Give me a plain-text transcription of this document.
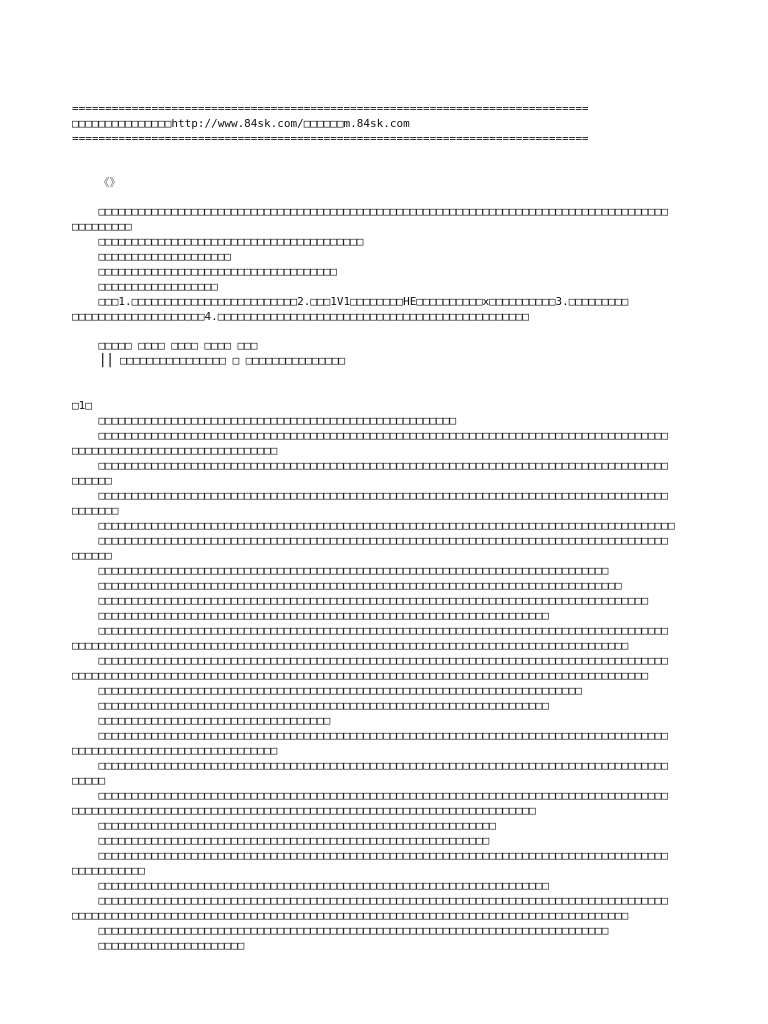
==============================================================================
□□□□□□□□□□□□□□□http://www.84sk.com/□□□□□□m.84sk.com
==============================================================================
《》
□□□□□□□□□□□□□□□□□□□□□□□□□□□□□□□□□□□□□□□□□□□□□□□□□□□□□□□□□□□□□□□□□□□□□□□□□□□□□□□□□□□□□□
□□□□□□□□□
□□□□□□□□□□□□□□□□□□□□□□□□□□□□□□□□□□□□□□□□
□□□□□□□□□□□□□□□□□□□□
□□□□□□□□□□□□□□□□□□□□□□□□□□□□□□□□□□□□
□□□□□□□□□□□□□□□□□□
□□□1.□□□□□□□□□□□□□□□□□□□□□□□□□2.□□□1V1□□□□□□□□HE□□□□□□□□□□x□□□□□□□□□□3.□□□□□□□□□
□□□□□□□□□□□□□□□□□□□□4.□□□□□□□□□□□□□□□□□□□□□□□□□□□□□□□□□□□□□□□□□□□□□□□
□□□□□ □□□□ □□□□ □□□□ □□□
|| □□□□□□□□□□□□□□□□ □ □□□□□□□□□□□□□□□
□1□
□□□□□□□□□□□□□□□□□□□□□□□□□□□□□□□□□□□□□□□□□□□□□□□□□□□□□□
□□□□□□□□□□□□□□□□□□□□□□□□□□□□□□□□□□□□□□□□□□□□□□□□□□□□□□□□□□□□□□□□□□□□□□□□□□□□□□□□□□□□□□
□□□□□□□□□□□□□□□□□□□□□□□□□□□□□□□
□□□□□□□□□□□□□□□□□□□□□□□□□□□□□□□□□□□□□□□□□□□□□□□□□□□□□□□□□□□□□□□□□□□□□□□□□□□□□□□□□□□□□□
□□□□□□
□□□□□□□□□□□□□□□□□□□□□□□□□□□□□□□□□□□□□□□□□□□□□□□□□□□□□□□□□□□□□□□□□□□□□□□□□□□□□□□□□□□□□□
□□□□□□□
□□□□□□□□□□□□□□□□□□□□□□□□□□□□□□□□□□□□□□□□□□□□□□□□□□□□□□□□□□□□□□□□□□□□□□□□□□□□□□□□□□□□□□□
□□□□□□□□□□□□□□□□□□□□□□□□□□□□□□□□□□□□□□□□□□□□□□□□□□□□□□□□□□□□□□□□□□□□□□□□□□□□□□□□□□□□□□
□□□□□□
□□□□□□□□□□□□□□□□□□□□□□□□□□□□□□□□□□□□□□□□□□□□□□□□□□□□□□□□□□□□□□□□□□□□□□□□□□□□□
□□□□□□□□□□□□□□□□□□□□□□□□□□□□□□□□□□□□□□□□□□□□□□□□□□□□□□□□□□□□□□□□□□□□□□□□□□□□□□□
□□□□□□□□□□□□□□□□□□□□□□□□□□□□□□□□□□□□□□□□□□□□□□□□□□□□□□□□□□□□□□□□□□□□□□□□□□□□□□□□□□□
□□□□□□□□□□□□□□□□□□□□□□□□□□□□□□□□□□□□□□□□□□□□□□□□□□□□□□□□□□□□□□□□□□□□
□□□□□□□□□□□□□□□□□□□□□□□□□□□□□□□□□□□□□□□□□□□□□□□□□□□□□□□□□□□□□□□□□□□□□□□□□□□□□□□□□□□□□□
□□□□□□□□□□□□□□□□□□□□□□□□□□□□□□□□□□□□□□□□□□□□□□□□□□□□□□□□□□□□□□□□□□□□□□□□□□□□□□□□□□□□
□□□□□□□□□□□□□□□□□□□□□□□□□□□□□□□□□□□□□□□□□□□□□□□□□□□□□□□□□□□□□□□□□□□□□□□□□□□□□□□□□□□□□□
□□□□□□□□□□□□□□□□□□□□□□□□□□□□□□□□□□□□□□□□□□□□□□□□□□□□□□□□□□□□□□□□□□□□□□□□□□□□□□□□□□□□□□□
□□□□□□□□□□□□□□□□□□□□□□□□□□□□□□□□□□□□□□□□□□□□□□□□□□□□□□□□□□□□□□□□□□□□□□□□□
□□□□□□□□□□□□□□□□□□□□□□□□□□□□□□□□□□□□□□□□□□□□□□□□□□□□□□□□□□□□□□□□□□□□
□□□□□□□□□□□□□□□□□□□□□□□□□□□□□□□□□□□
□□□□□□□□□□□□□□□□□□□□□□□□□□□□□□□□□□□□□□□□□□□□□□□□□□□□□□□□□□□□□□□□□□□□□□□□□□□□□□□□□□□□□□
□□□□□□□□□□□□□□□□□□□□□□□□□□□□□□□
□□□□□□□□□□□□□□□□□□□□□□□□□□□□□□□□□□□□□□□□□□□□□□□□□□□□□□□□□□□□□□□□□□□□□□□□□□□□□□□□□□□□□□
□□□□□
□□□□□□□□□□□□□□□□□□□□□□□□□□□□□□□□□□□□□□□□□□□□□□□□□□□□□□□□□□□□□□□□□□□□□□□□□□□□□□□□□□□□□□
□□□□□□□□□□□□□□□□□□□□□□□□□□□□□□□□□□□□□□□□□□□□□□□□□□□□□□□□□□□□□□□□□□□□□□
□□□□□□□□□□□□□□□□□□□□□□□□□□□□□□□□□□□□□□□□□□□□□□□□□□□□□□□□□□□□
□□□□□□□□□□□□□□□□□□□□□□□□□□□□□□□□□□□□□□□□□□□□□□□□□□□□□□□□□□□
□□□□□□□□□□□□□□□□□□□□□□□□□□□□□□□□□□□□□□□□□□□□□□□□□□□□□□□□□□□□□□□□□□□□□□□□□□□□□□□□□□□□□□
□□□□□□□□□□□
□□□□□□□□□□□□□□□□□□□□□□□□□□□□□□□□□□□□□□□□□□□□□□□□□□□□□□□□□□□□□□□□□□□□
□□□□□□□□□□□□□□□□□□□□□□□□□□□□□□□□□□□□□□□□□□□□□□□□□□□□□□□□□□□□□□□□□□□□□□□□□□□□□□□□□□□□□□
□□□□□□□□□□□□□□□□□□□□□□□□□□□□□□□□□□□□□□□□□□□□□□□□□□□□□□□□□□□□□□□□□□□□□□□□□□□□□□□□□□□□
□□□□□□□□□□□□□□□□□□□□□□□□□□□□□□□□□□□□□□□□□□□□□□□□□□□□□□□□□□□□□□□□□□□□□□□□□□□□□
□□□□□□□□□□□□□□□□□□□□□□
